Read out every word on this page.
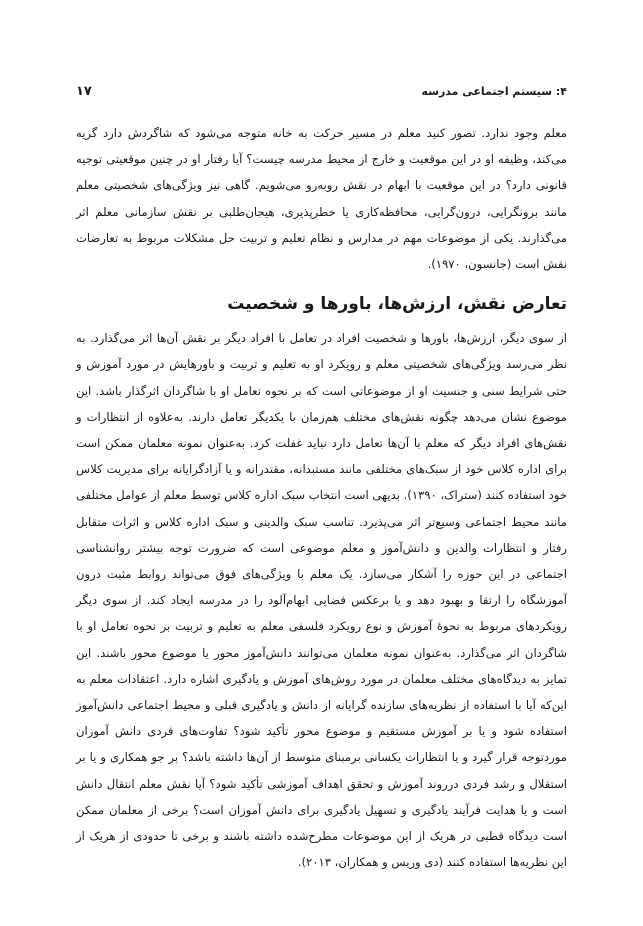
۴: سیستم اجتماعی مدرسه
۱۷

معلم وجود ندارد. تصور کنید معلم در مسیر حرکت به خانه متوجه می‌شود که شاگردش دارد گریه می‌کند، وظیفه او در این موقعیت و خارج از محیط مدرسه چیست؟ آیا رفتار او در چنین موقعیتی توجیه قانونی دارد؟ در این موقعیت با ابهام در نقش روبه‌رو می‌شویم. گاهی نیز ویژگی‌های شخصیتی معلم مانند برونگرایی، درون‌گرایی، محافظه‌کاری یا خطرپذیری، هیجان‌طلبی بر نقش سازمانی معلم اثر می‌گذارند. یکی از موضوعات مهم در مدارس و نظام تعلیم و تربیت حل مشکلات مربوط به تعارضات نقش است (جانسون، ۱۹۷۰).

تعارض نقش، ارزش‌ها، باورها و شخصیت

از سوی دیگر، ارزش‌ها، باورها و شخصیت افراد در تعامل با افراد دیگر بر نقش آن‌ها اثر می‌گذارد. به نظر می‌رسد ویژگی‌های شخصیتی معلم و رویکرد او به تعلیم و تربیت و باورهایش در مورد آموزش و حتی شرایط سنی و جنسیت او از موضوعاتی است که بر نحوه تعامل او با شاگردان اثرگذار باشد. این موضوع نشان می‌دهد چگونه نقش‌های مختلف هم‌زمان با یکدیگر تعامل دارند. به‌علاوه از انتظارات و نقش‌های افراد دیگر که معلم با آن‌ها تعامل دارد نباید غفلت کرد. به‌عنوان نمونه معلمان ممکن است برای اداره کلاس خود از سبک‌های مختلفی مانند مستبدانه، مقتدرانه و یا آزادگرایانه برای مدیریت کلاس خود استفاده کنند (ستراک، ۱۳۹۰). بدیهی است انتخاب سبک اداره کلاس توسط معلم از عوامل مختلفی مانند محیط اجتماعی وسیع‌تر اثر می‌پذیرد. تناسب سبک والدینی و سبک اداره کلاس و اثرات متقابل رفتار و انتظارات والدین و دانش‌آموز و معلم موضوعی است که ضرورت توجه بیشتر روانشناسی اجتماعی در این حوزه را آشکار می‌سازد. یک معلم با ویژگی‌های فوق می‌تواند روابط مثبت درون آموزشگاه را ارتقا و بهبود دهد و یا برعکس فضایی ابهام‌آلود را در مدرسه ایجاد کند. از سوی دیگر رویکردهای مربوط به نحوهٔ آموزش و نوع رویکرد فلسفی معلم به تعلیم و تربیت بر نحوه تعامل او با شاگردان اثر می‌گذارد. به‌عنوان نمونه معلمان می‌توانند دانش‌آموز محور یا موضوع محور باشند. این تمایز به دیدگاه‌های مختلف معلمان در مورد روش‌های آموزش و یادگیری اشاره دارد. اعتقادات معلم به این‌که آیا با استفاده از نظریه‌های سازنده گرایانه از دانش و یادگیری قبلی و محیط اجتماعی دانش‌آموز استفاده شود و یا بر آموزش مستقیم و موضوع محور تأکید شود؟ تفاوت‌های فردی دانش آموزان موردتوجه قرار گیرد و یا انتظارات یکسانی برمبنای متوسط از آن‌ها داشته باشد؟ بر جو همکاری و یا بر استقلال و رشد فردی درروند آموزش و تحقق اهداف آموزشی تأکید شود؟ آیا نقش معلم انتقال دانش است و یا هدایت فرآیند یادگیری و تسهیل یادگیری برای دانش آموزان است؟ برخی از معلمان ممکن است دیدگاه قطبی در هریک از این موضوعات مطرح‌شده داشته باشند و برخی تا حدودی از هریک از این نظریه‌ها استفاده کنند (دی وریس و همکاران، ۲۰۱۳).
